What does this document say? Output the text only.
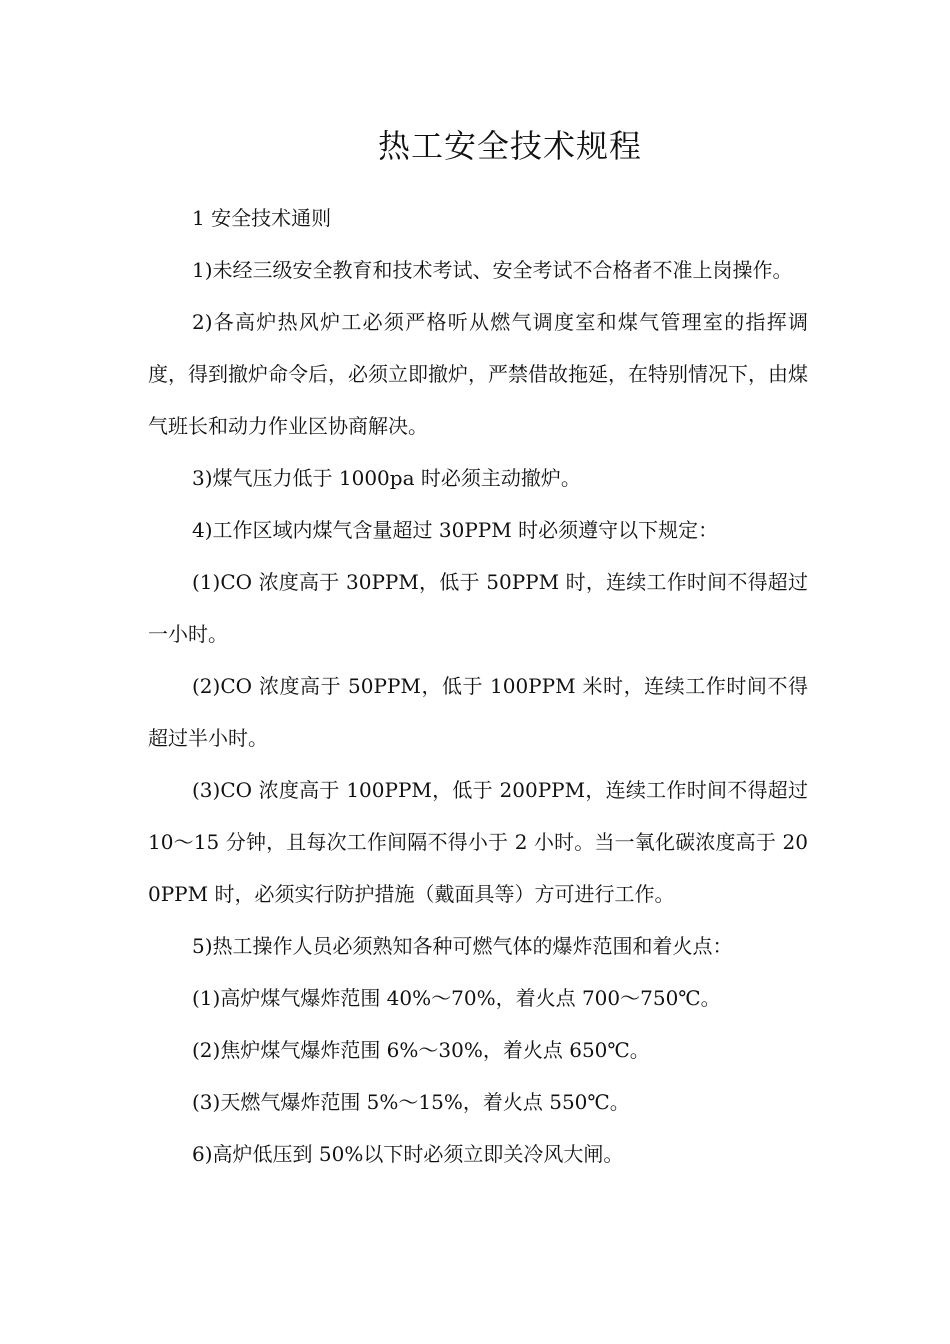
热工安全技术规程

1 安全技术通则

1)未经三级安全教育和技术考试、安全考试不合格者不准上岗操作。

2)各高炉热风炉工必须严格听从燃气调度室和煤气管理室的指挥调度，得到撤炉命令后，必须立即撤炉，严禁借故拖延，在特别情况下，由煤气班长和动力作业区协商解决。

3)煤气压力低于 1000pa 时必须主动撤炉。

4)工作区域内煤气含量超过 30PPM 时必须遵守以下规定：

(1)CO 浓度高于 30PPM，低于 50PPM 时，连续工作时间不得超过一小时。

(2)CO 浓度高于 50PPM，低于 100PPM 米时，连续工作时间不得超过半小时。

(3)CO 浓度高于 100PPM，低于 200PPM，连续工作时间不得超过 10～15 分钟，且每次工作间隔不得小于 2 小时。当一氧化碳浓度高于 200PPM 时，必须实行防护措施（戴面具等）方可进行工作。

5)热工操作人员必须熟知各种可燃气体的爆炸范围和着火点：

(1)高炉煤气爆炸范围 40%～70%，着火点 700～750℃。

(2)焦炉煤气爆炸范围 6%～30%，着火点 650℃。

(3)天燃气爆炸范围 5%～15%，着火点 550℃。

6)高炉低压到 50%以下时必须立即关冷风大闸。
